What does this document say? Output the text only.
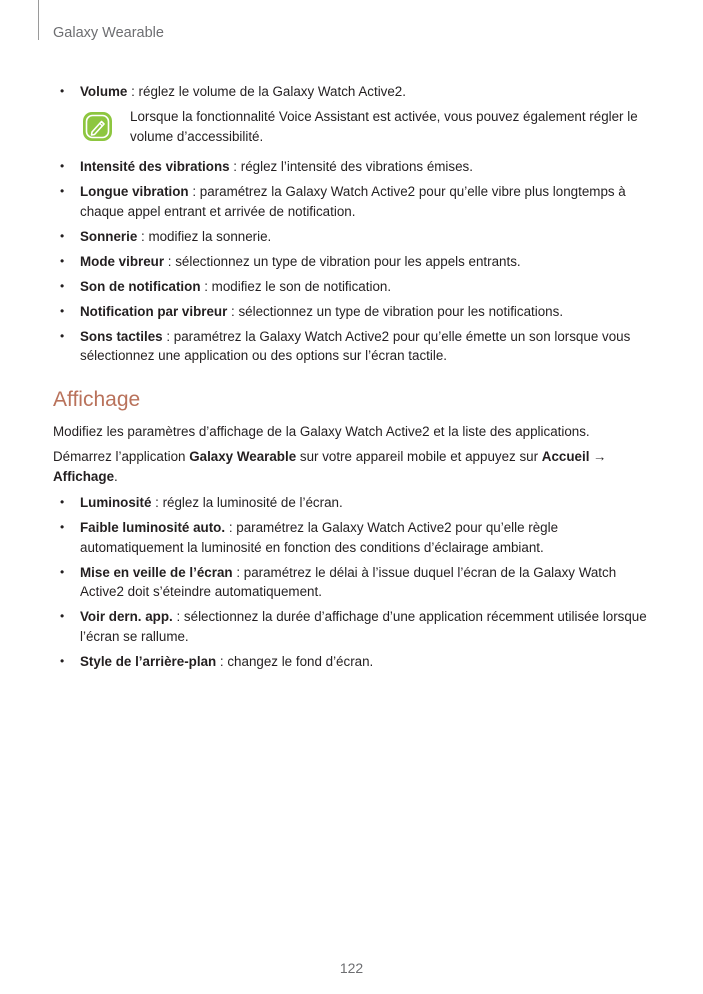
Galaxy Wearable
• Volume : réglez le volume de la Galaxy Watch Active2.
Lorsque la fonctionnalité Voice Assistant est activée, vous pouvez également régler le volume d’accessibilité.
• Intensité des vibrations : réglez l’intensité des vibrations émises.
• Longue vibration : paramétrez la Galaxy Watch Active2 pour qu’elle vibre plus longtemps à chaque appel entrant et arrivée de notification.
• Sonnerie : modifiez la sonnerie.
• Mode vibreur : sélectionnez un type de vibration pour les appels entrants.
• Son de notification : modifiez le son de notification.
• Notification par vibreur : sélectionnez un type de vibration pour les notifications.
• Sons tactiles : paramétrez la Galaxy Watch Active2 pour qu’elle émette un son lorsque vous sélectionnez une application ou des options sur l’écran tactile.
Affichage

Modifiez les paramètres d’affichage de la Galaxy Watch Active2 et la liste des applications.

Démarrez l’application Galaxy Wearable sur votre appareil mobile et appuyez sur Accueil → Affichage.

• Luminosité : réglez la luminosité de l’écran.
• Faible luminosité auto. : paramétrez la Galaxy Watch Active2 pour qu’elle règle automatiquement la luminosité en fonction des conditions d’éclairage ambiant.
• Mise en veille de l’écran : paramétrez le délai à l’issue duquel l’écran de la Galaxy Watch Active2 doit s’éteindre automatiquement.
• Voir dern. app. : sélectionnez la durée d’affichage d’une application récemment utilisée lorsque l’écran se rallume.
• Style de l’arrière-plan : changez le fond d’écran.
122
